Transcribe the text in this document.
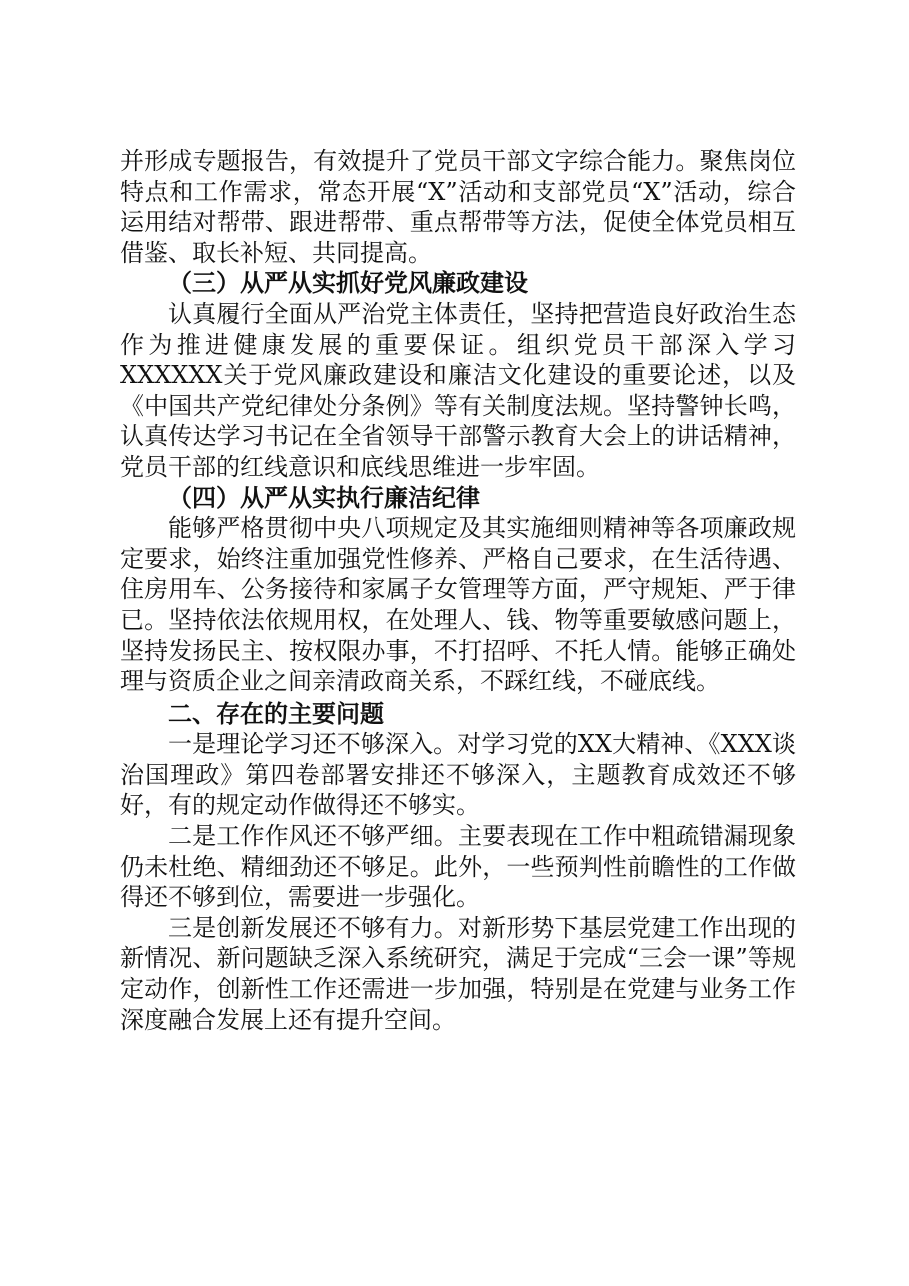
并形成专题报告，有效提升了党员干部文字综合能力。聚焦岗位特点和工作需求，常态开展“X”活动和支部党员“X”活动，综合运用结对帮带、跟进帮带、重点帮带等方法，促使全体党员相互借鉴、取长补短、共同提高。

（三）从严从实抓好党风廉政建设

认真履行全面从严治党主体责任，坚持把营造良好政治生态作为推进健康发展的重要保证。组织党员干部深入学习XXXXXX关于党风廉政建设和廉洁文化建设的重要论述，以及《中国共产党纪律处分条例》等有关制度法规。坚持警钟长鸣，认真传达学习书记在全省领导干部警示教育大会上的讲话精神，党员干部的红线意识和底线思维进一步牢固。

（四）从严从实执行廉洁纪律

能够严格贯彻中央八项规定及其实施细则精神等各项廉政规定要求，始终注重加强党性修养、严格自己要求，在生活待遇、住房用车、公务接待和家属子女管理等方面，严守规矩、严于律已。坚持依法依规用权，在处理人、钱、物等重要敏感问题上，坚持发扬民主、按权限办事，不打招呼、不托人情。能够正确处理与资质企业之间亲清政商关系，不踩红线，不碰底线。

二、存在的主要问题

一是理论学习还不够深入。对学习党的XX大精神、《XXX谈治国理政》第四卷部署安排还不够深入，主题教育成效还不够好，有的规定动作做得还不够实。

二是工作作风还不够严细。主要表现在工作中粗疏错漏现象仍未杜绝、精细劲还不够足。此外，一些预判性前瞻性的工作做得还不够到位，需要进一步强化。

三是创新发展还不够有力。对新形势下基层党建工作出现的新情况、新问题缺乏深入系统研究，满足于完成“三会一课”等规定动作，创新性工作还需进一步加强，特别是在党建与业务工作深度融合发展上还有提升空间。
